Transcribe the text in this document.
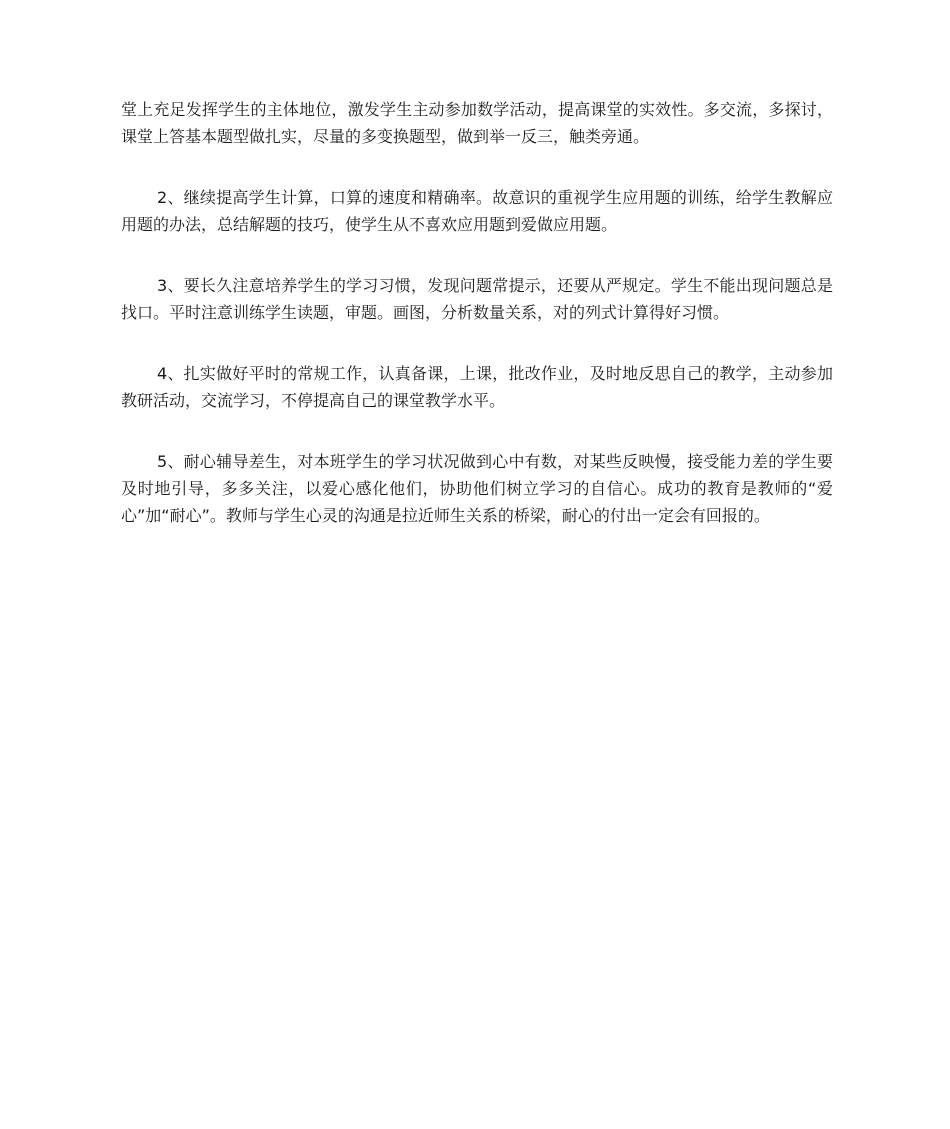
堂上充足发挥学生的主体地位，激发学生主动参加数学活动，提高课堂的实效性。多交流，多探讨，课堂上答基本题型做扎实，尽量的多变换题型，做到举一反三，触类旁通。

2、继续提高学生计算，口算的速度和精确率。故意识的重视学生应用题的训练，给学生教解应用题的办法，总结解题的技巧，使学生从不喜欢应用题到爱做应用题。

3、要长久注意培养学生的学习习惯，发现问题常提示，还要从严规定。学生不能出现问题总是找口。平时注意训练学生读题，审题。画图，分析数量关系，对的列式计算得好习惯。

4、扎实做好平时的常规工作，认真备课，上课，批改作业，及时地反思自己的教学，主动参加教研活动，交流学习，不停提高自己的课堂教学水平。

5、耐心辅导差生，对本班学生的学习状况做到心中有数，对某些反映慢，接受能力差的学生要及时地引导，多多关注，以爱心感化他们，协助他们树立学习的自信心。成功的教育是教师的“爱心”加“耐心”。教师与学生心灵的沟通是拉近师生关系的桥梁，耐心的付出一定会有回报的。
